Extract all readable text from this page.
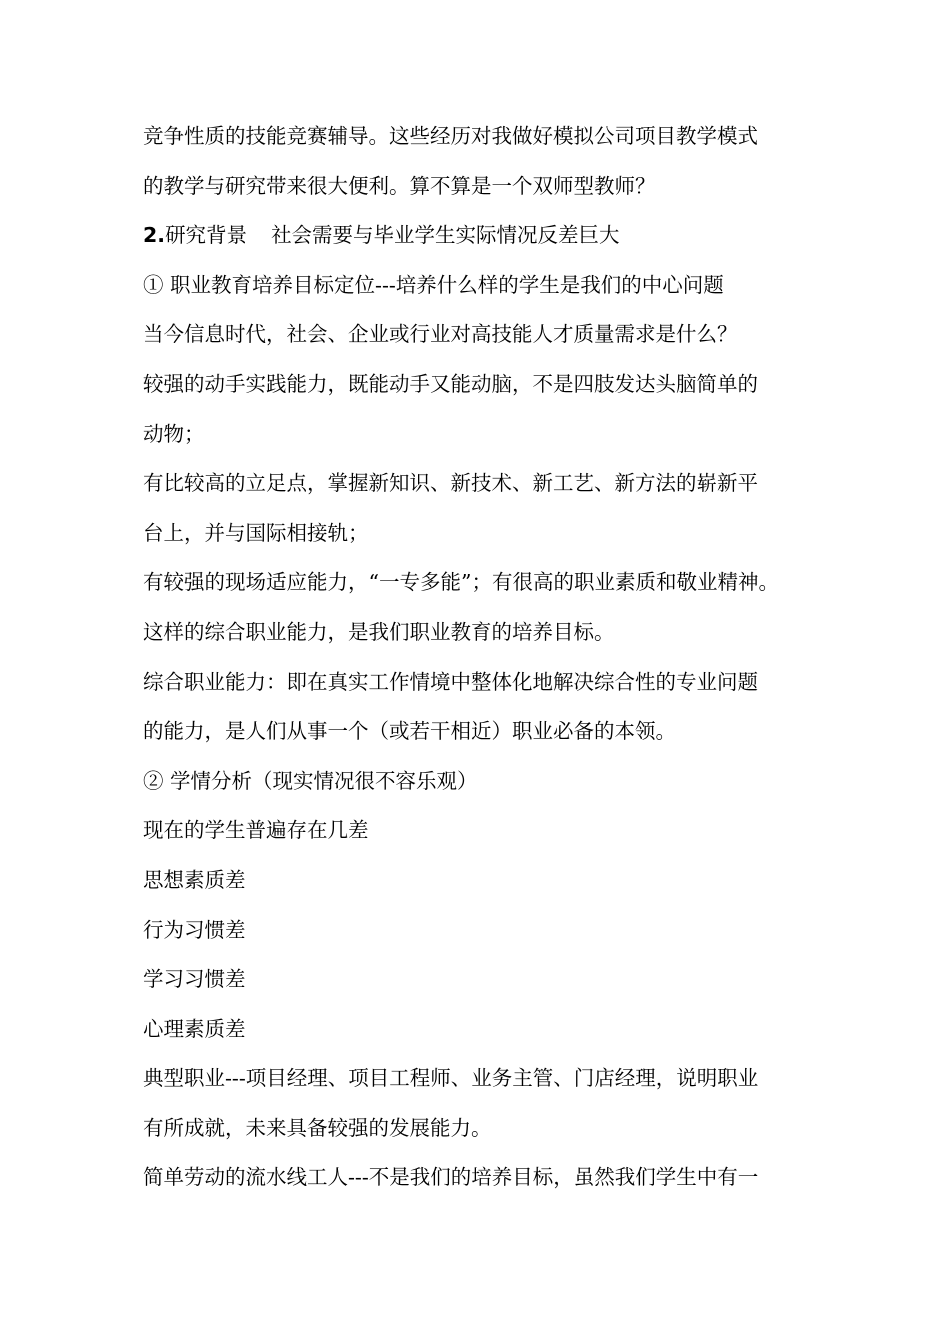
竞争性质的技能竞赛辅导。这些经历对我做好模拟公司项目教学模式
的教学与研究带来很大便利。算不算是一个双师型教师？
2.研究背景 社会需要与毕业学生实际情况反差巨大
① 职业教育培养目标定位---培养什么样的学生是我们的中心问题
当今信息时代，社会、企业或行业对高技能人才质量需求是什么？
较强的动手实践能力，既能动手又能动脑，不是四肢发达头脑简单的
动物；
有比较高的立足点，掌握新知识、新技术、新工艺、新方法的崭新平
台上，并与国际相接轨；
有较强的现场适应能力，“一专多能”；有很高的职业素质和敬业精神。
这样的综合职业能力，是我们职业教育的培养目标。
综合职业能力：即在真实工作情境中整体化地解决综合性的专业问题
的能力，是人们从事一个（或若干相近）职业必备的本领。
② 学情分析（现实情况很不容乐观）
现在的学生普遍存在几差
思想素质差
行为习惯差
学习习惯差
心理素质差
典型职业---项目经理、项目工程师、业务主管、门店经理，说明职业
有所成就，未来具备较强的发展能力。
简单劳动的流水线工人---不是我们的培养目标，虽然我们学生中有一
